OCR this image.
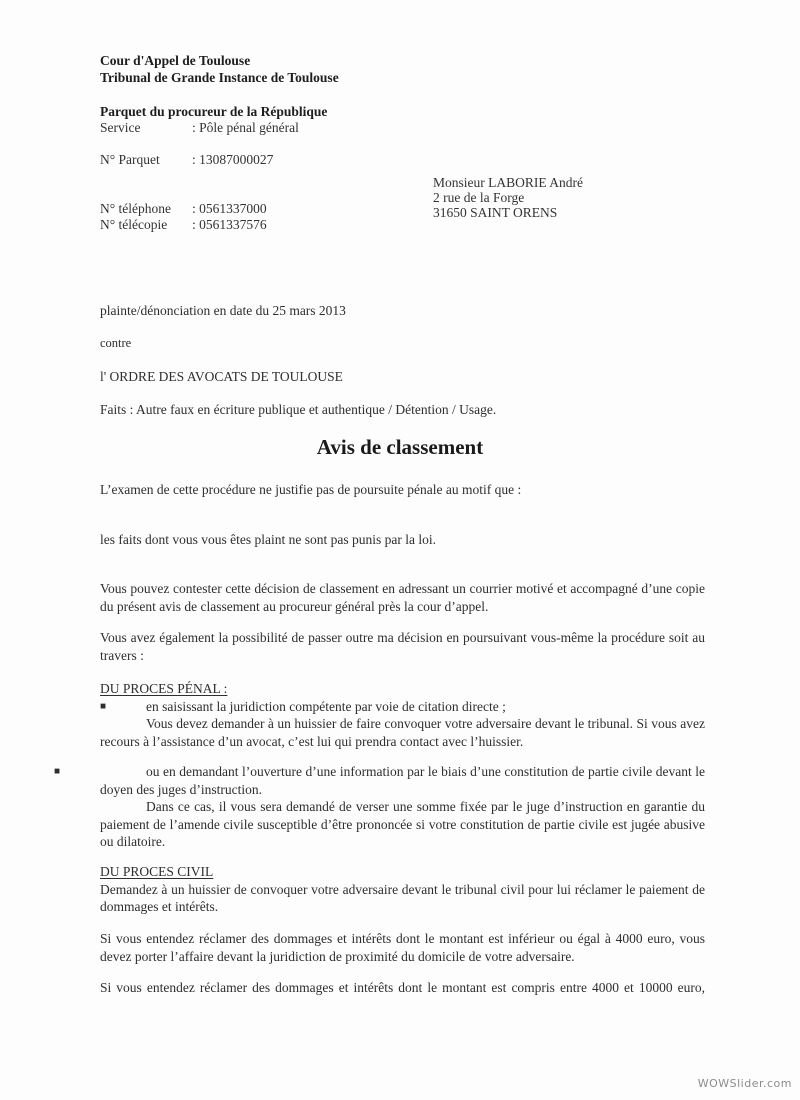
Cour d'Appel de Toulouse
Tribunal de Grande Instance de Toulouse
Parquet du procureur de la République
Service	: Pôle pénal général
N° Parquet	: 13087000027
N° téléphone	: 0561337000
N° télécopie	: 0561337576
Monsieur LABORIE André
2 rue de la Forge
31650 SAINT ORENS
plainte/dénonciation en date du 25 mars 2013
contre
l' ORDRE DES AVOCATS DE TOULOUSE
Faits : Autre faux en écriture publique et authentique / Détention / Usage.
Avis de classement
L’examen de cette procédure ne justifie pas de poursuite pénale au motif que :
les faits dont vous vous êtes plaint ne sont pas punis par la loi.

Vous pouvez contester cette décision de classement en adressant un courrier motivé et accompagné d’une copie du présent avis de classement au procureur général près la cour d’appel.

Vous avez également la possibilité de passer outre ma décision en poursuivant vous-même la procédure soit au travers :

DU PROCES PÉNAL :

■	en saisissant la juridiction compétente par voie de citation directe ;

Vous devez demander à un huissier de faire convoquer votre adversaire devant le tribunal. Si vous avez recours à l’assistance d’un avocat, c’est lui qui prendra contact avec l’huissier.

■	ou en demandant l’ouverture d’une information par le biais d’une constitution de partie civile devant le doyen des juges d’instruction.

Dans ce cas, il vous sera demandé de verser une somme fixée par le juge d’instruction en garantie du paiement de l’amende civile susceptible d’être prononcée si votre constitution de partie civile est jugée abusive ou dilatoire.

DU PROCES CIVIL

Demandez à un huissier de convoquer votre adversaire devant le tribunal civil pour lui réclamer le paiement de dommages et intérêts.

Si vous entendez réclamer des dommages et intérêts dont le montant est inférieur ou égal à 4000 euro, vous devez porter l’affaire devant la juridiction de proximité du domicile de votre adversaire.

Si vous entendez réclamer des dommages et intérêts dont le montant est compris entre 4000 et 10000 euro,

WOWSlider.com
